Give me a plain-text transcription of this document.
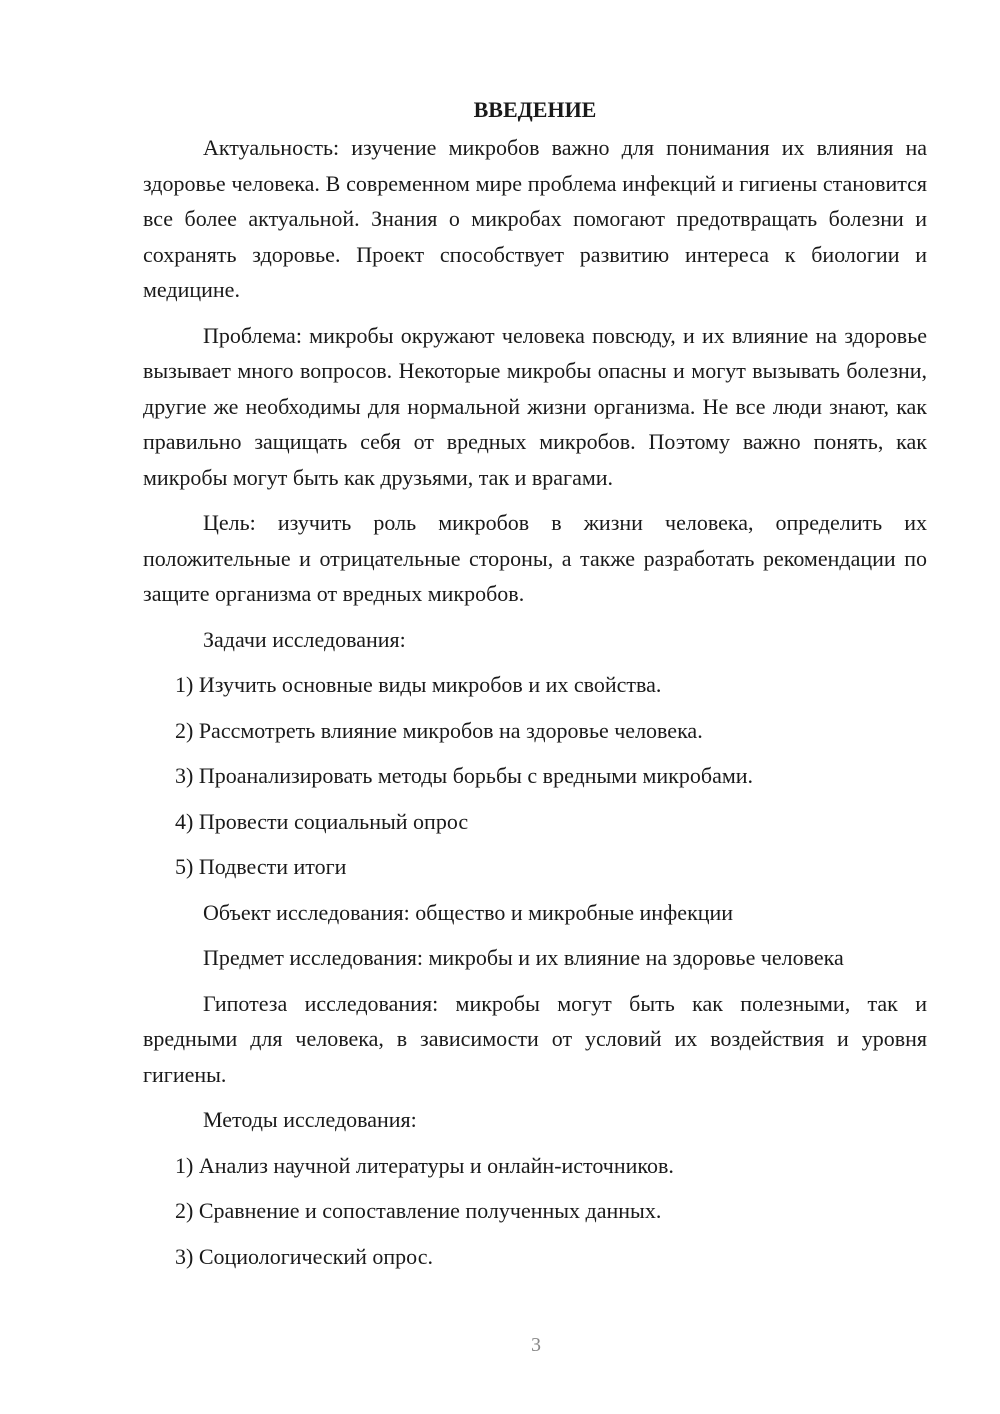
ВВЕДЕНИЕ

Актуальность: изучение микробов важно для понимания их влияния на здоровье человека. В современном мире проблема инфекций и гигиены становится все более актуальной. Знания о микробах помогают предотвращать болезни и сохранять здоровье. Проект способствует развитию интереса к биологии и медицине.

Проблема: микробы окружают человека повсюду, и их влияние на здоровье вызывает много вопросов. Некоторые микробы опасны и могут вызывать болезни, другие же необходимы для нормальной жизни организма. Не все люди знают, как правильно защищать себя от вредных микробов. Поэтому важно понять, как микробы могут быть как друзьями, так и врагами.

Цель: изучить роль микробов в жизни человека, определить их положительные и отрицательные стороны, а также разработать рекомендации по защите организма от вредных микробов.

Задачи исследования:

1) Изучить основные виды микробов и их свойства.

2) Рассмотреть влияние микробов на здоровье человека.

3) Проанализировать методы борьбы с вредными микробами.

4) Провести социальный опрос

5) Подвести итоги

Объект исследования: общество и микробные инфекции

Предмет исследования: микробы и их влияние на здоровье человека

Гипотеза исследования: микробы могут быть как полезными, так и вредными для человека, в зависимости от условий их воздействия и уровня гигиены.

Методы исследования:

1) Анализ научной литературы и онлайн-источников.

2) Сравнение и сопоставление полученных данных.

3) Социологический опрос.

3
